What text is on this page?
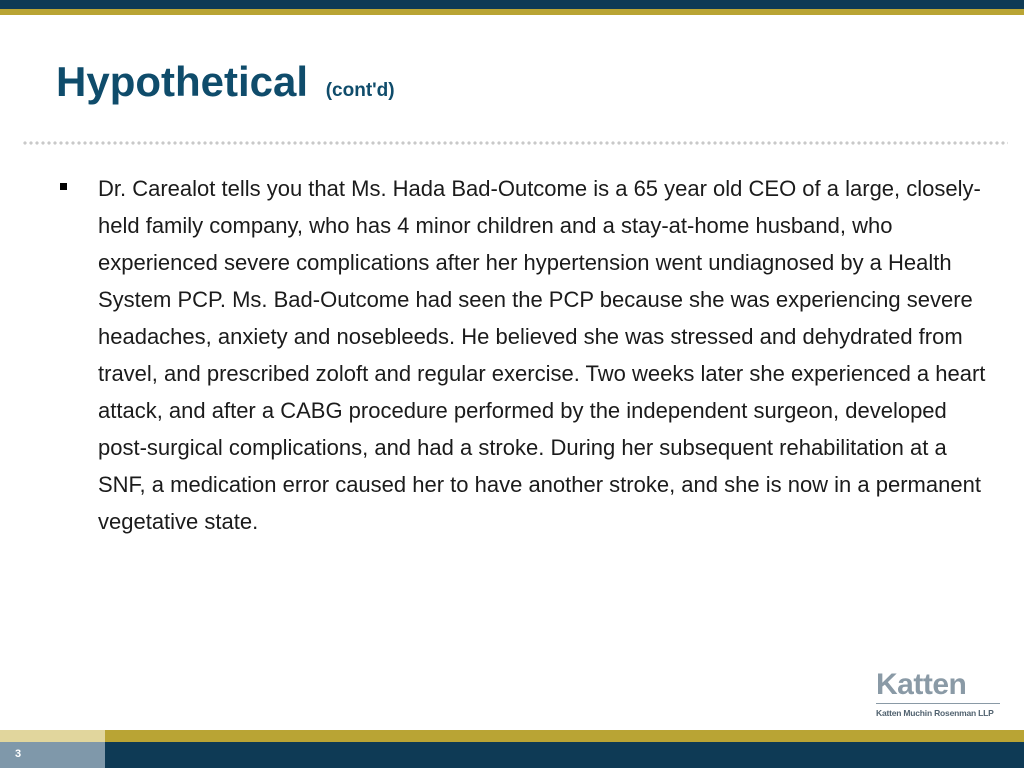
Hypothetical (cont'd)
Dr. Carealot tells you that Ms. Hada Bad-Outcome is a 65 year old CEO of a large, closely-held family company, who has 4 minor children and a stay-at-home husband, who experienced severe complications after her hypertension went undiagnosed by a Health System PCP. Ms. Bad-Outcome had seen the PCP because she was experiencing severe headaches, anxiety and nosebleeds. He believed she was stressed and dehydrated from travel, and prescribed zoloft and regular exercise. Two weeks later she experienced a heart attack, and after a CABG procedure performed by the independent surgeon, developed post-surgical complications, and had a stroke. During her subsequent rehabilitation at a SNF, a medication error caused her to have another stroke, and she is now in a permanent vegetative state.
Katten
Katten Muchin Rosenman LLP
3
